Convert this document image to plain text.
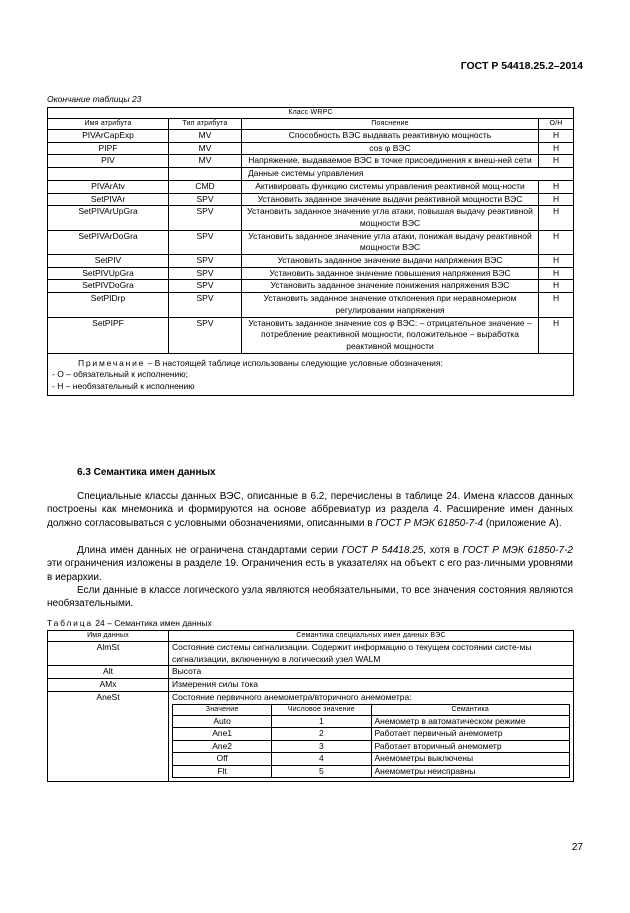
ГОСТ Р 54418.25.2–2014
Окончание таблицы 23
Класс WRPC			
Имя атрибута	Тип атрибута	Пояснение	О/Н
PIVArCapExp	MV	Способность ВЭС выдавать реактивную мощность	Н
PIPF	MV	cos φ ВЭС	Н
PIV	MV	Напряжение, выдаваемое ВЭС в точке присоединения к внеш-ней сети	Н
		Данные системы управления	
PIVArAtv	CMD	Активировать функцию системы управления реактивной мощ-ности	Н
SetPIVAr	SPV	Установить заданное значение выдачи реактивной мощности ВЭС	Н
SetPIVArUpGra	SPV	Установить заданное значение угла атаки, повышая выдачу реактивной мощности ВЭС	Н
SetPIVArDoGra	SPV	Установить заданное значение угла атаки, понижая выдачу реактивной мощности ВЭС	Н
SetPIV	SPV	Установить заданное значение выдачи напряжения ВЭС	Н
SetPIVUpGra	SPV	Установить заданное значение повышения напряжения ВЭС	Н
SetPIVDoGra	SPV	Установить заданное значение понижения напряжения ВЭС	Н
SetPIDrp	SPV	Установить заданное значение отклонения при неравномерном регулировании напряжения	Н
SetPIPF	SPV	Установить заданное значение cos φ ВЭС: – отрицательное значение – потребление реактивной мощности, положительное – выработка реактивной мощности	Н

Примечание – В настоящей таблице использованы следующие условные обозначения:
- О – обязательный к исполнению;
- Н – необязательный к исполнению			
6.3 Семантика имен данных
Специальные классы данных ВЭС, описанные в 6.2, перечислены в таблице 24. Имена классов данных построены как мнемоника и формируются на основе аббревиатур из раздела 4. Расширение имен данных должно согласовываться с условными обозначениями, описанными в ГОСТ Р МЭК 61850-7-4 (приложение А).
Длина имен данных не ограничена стандартами серии ГОСТ Р 54418.25, хотя в ГОСТ Р МЭК 61850-7-2 эти ограничения изложены в разделе 19. Ограничения есть в указателях на объект с его раз-личными уровнями в иерархии.
Если данные в классе логического узла являются необязательными, то все значения состояния являются необязательными.
Таблица 24 – Семантика имен данных
Имя данных	Семантика специальных имен данных ВЭС
AlmSt	Состояние системы сигнализации. Содержит информацию о текущем состоянии систе-мы сигнализации, включенную в логический узел WALM
Alt	Высота
AMx	Измерения силы тока
AneSt	Состояние первичного анемометра/вторичного анемометра:
Значение	Числовое значение	Семантика
Auto	1	Анемометр в автоматическом режиме
Ane1	2	Работает первичный анемометр
Ane2	3	Работает вторичный анемометр
Off	4	Анемометры выключены
Flt	5	Анемометры неисправны
27
